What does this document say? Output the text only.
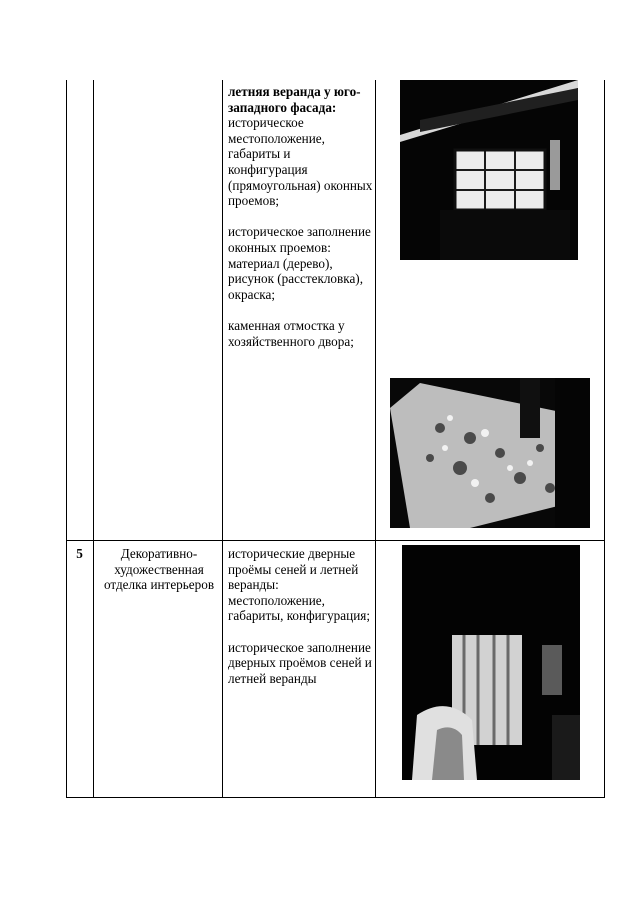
летняя веранда у юго-западного фасада:
историческое местоположение, габариты и конфигурация (прямоугольная) оконных проемов;
историческое заполнение оконных проемов: материал (дерево), рисунок (расстекловка), окраска;
каменная отмостка у хозяйственного двора;
5	Декоративно-художественная отделка интерьеров
исторические дверные проёмы сеней и летней веранды: местоположение, габариты, конфигурация;
историческое заполнение дверных проёмов сеней и летней веранды
